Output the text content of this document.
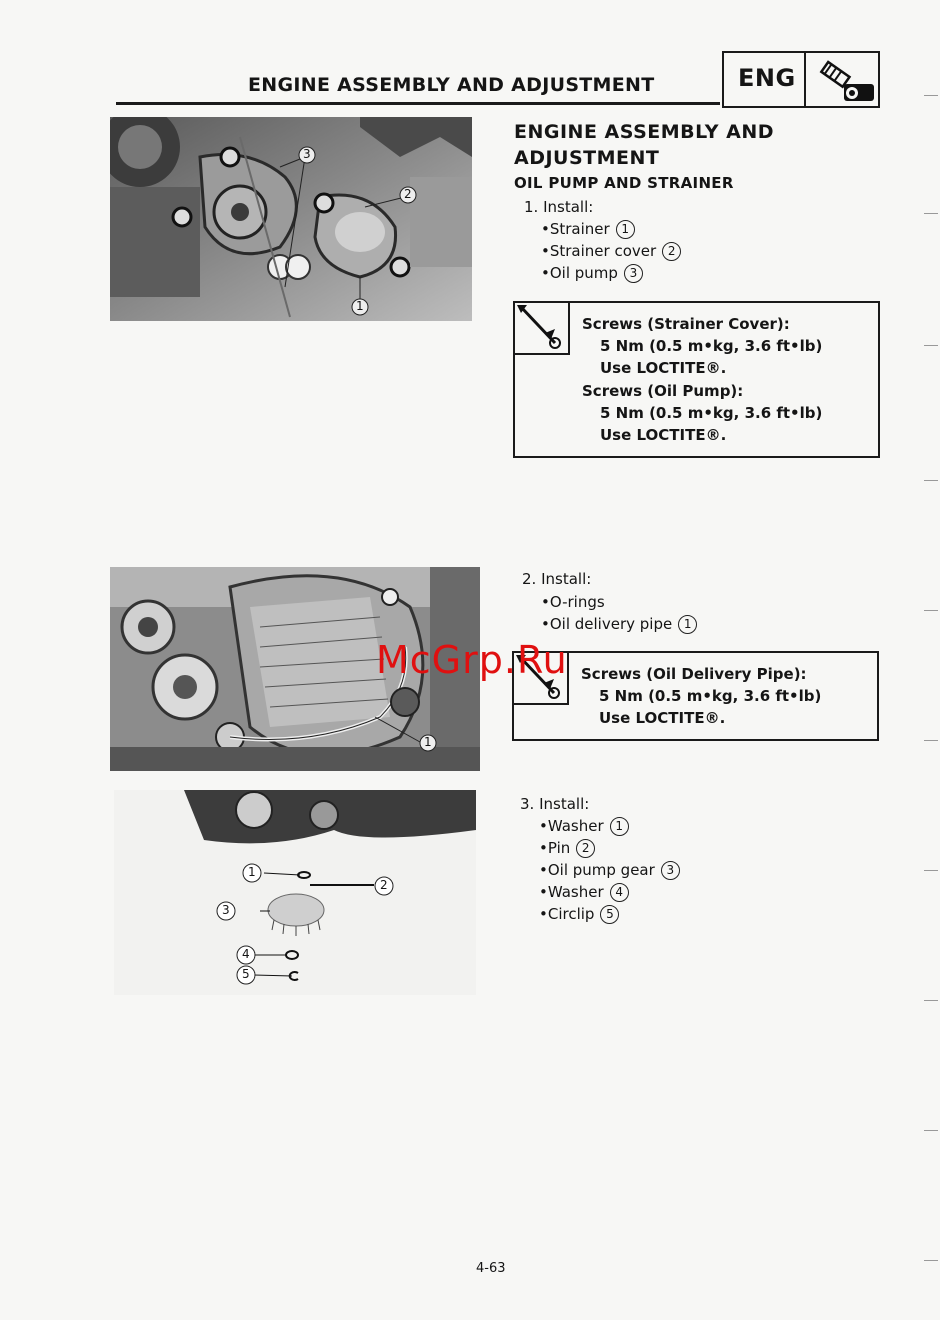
ENGINE ASSEMBLY AND ADJUSTMENT	ENG
ENGINE ASSEMBLY AND ADJUSTMENT
OIL PUMP AND STRAINER
1. Install:
•Strainer 1
•Strainer cover 2
•Oil pump 3
Screws (Strainer Cover):
5 Nm (0.5 m•kg, 3.6 ft•lb)
Use LOCTITE®.
Screws (Oil Pump):
5 Nm (0.5 m•kg, 3.6 ft•lb)
Use LOCTITE®.
2. Install:
•O-rings
•Oil delivery pipe 1
Screws (Oil Delivery Pipe):
5 Nm (0.5 m•kg, 3.6 ft•lb)
Use LOCTITE®.
3. Install:
•Washer 1
•Pin 2
•Oil pump gear 3
•Washer 4
•Circlip 5
3
2
1
1
1
2
3
4
5
McGrp.Ru
4-63
